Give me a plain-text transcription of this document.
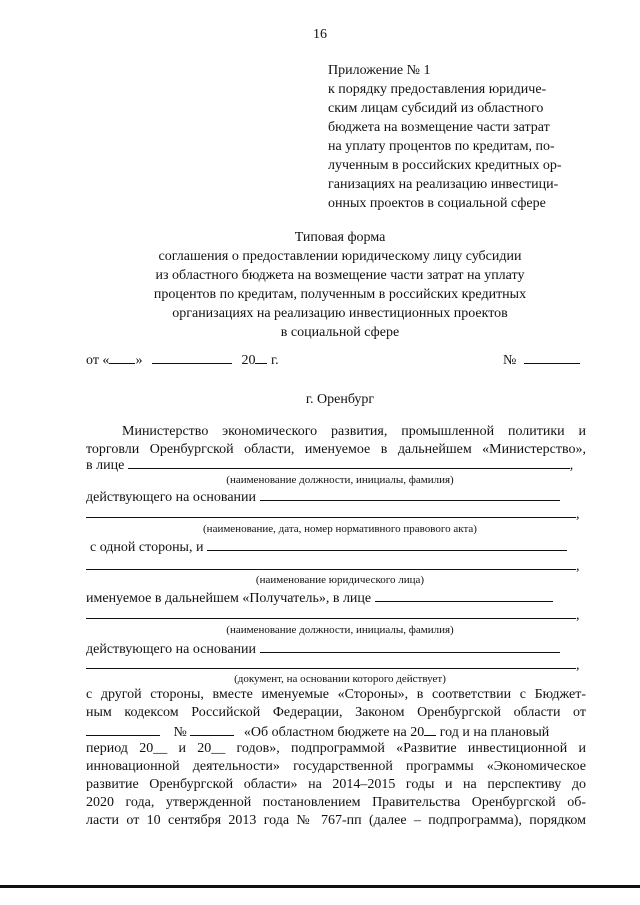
16
Приложение № 1
к порядку предоставления юридиче-
ским лицам субсидий из областного
бюджета на возмещение части затрат
на уплату процентов по кредитам, по-
лученным в российских кредитных ор-
ганизациях на реализацию инвестици-
онных проектов в социальной сфере
Типовая форма
соглашения о предоставлении юридическому лицу субсидии
из областного бюджета на возмещение части затрат на уплату
процентов по кредитам, полученным в российских кредитных
организациях на реализацию инвестиционных проектов
в социальной сфере
от « »	20 г.	№
г. Оренбург
Министерство экономического развития, промышленной политики и
торговли Оренбургской области, именуемое в дальнейшем «Министерство»,
в лице	,
(наименование должности, инициалы, фамилия)
действующего на основании
,
(наименование, дата, номер нормативного правового акта)
с одной стороны, и
,
(наименование юридического лица)
именуемое в дальнейшем «Получатель», в лице
,
(наименование должности, инициалы, фамилия)
действующего на основании
,
(документ, на основании которого действует)
с другой стороны, вместе именуемые «Стороны», в соответствии с Бюджет-
ным кодексом Российской Федерации, Законом Оренбургской области от
№	«Об областном бюджете на 20 год и на плановый
период 20__ и 20__ годов», подпрограммой «Развитие инвестиционной и
инновационной деятельности» государственной программы «Экономическое
развитие Оренбургской области» на 2014–2015 годы и на перспективу до
2020 года, утвержденной постановлением Правительства Оренбургской об-
ласти от 10 сентября 2013 года № 767-пп (далее – подпрограмма), порядком
